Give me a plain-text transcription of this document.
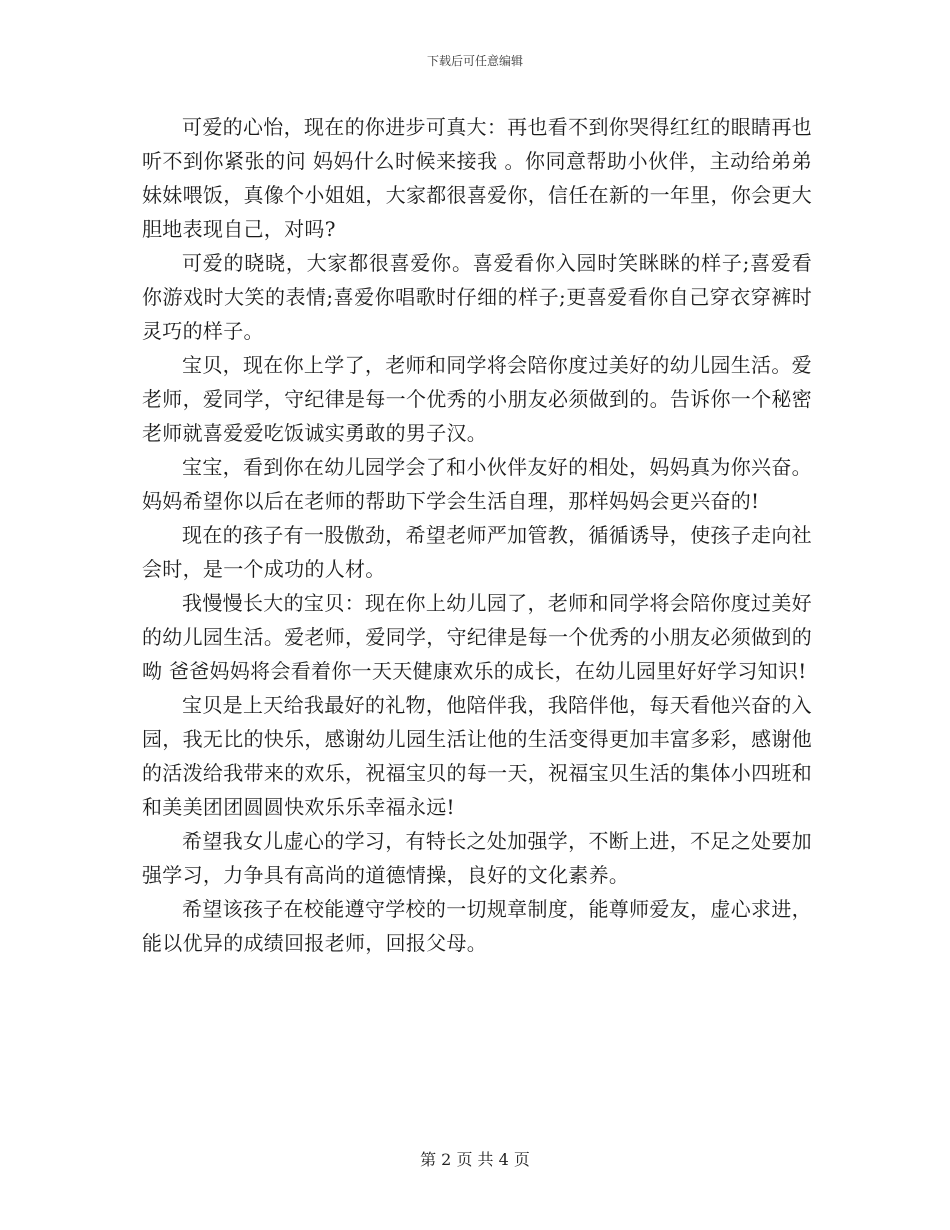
下载后可任意编辑

可爱的心怡，现在的你进步可真大：再也看不到你哭得红红的眼睛再也听不到你紧张的问 妈妈什么时候来接我 。你同意帮助小伙伴，主动给弟弟妹妹喂饭，真像个小姐姐，大家都很喜爱你，信任在新的一年里，你会更大胆地表现自己，对吗?

可爱的晓晓，大家都很喜爱你。喜爱看你入园时笑眯眯的样子;喜爱看你游戏时大笑的表情;喜爱你唱歌时仔细的样子;更喜爱看你自己穿衣穿裤时灵巧的样子。

宝贝，现在你上学了，老师和同学将会陪你度过美好的幼儿园生活。爱老师，爱同学，守纪律是每一个优秀的小朋友必须做到的。告诉你一个秘密老师就喜爱爱吃饭诚实勇敢的男子汉。

宝宝，看到你在幼儿园学会了和小伙伴友好的相处，妈妈真为你兴奋。妈妈希望你以后在老师的帮助下学会生活自理，那样妈妈会更兴奋的!

现在的孩子有一股傲劲，希望老师严加管教，循循诱导，使孩子走向社会时，是一个成功的人材。

我慢慢长大的宝贝：现在你上幼儿园了，老师和同学将会陪你度过美好的幼儿园生活。爱老师，爱同学，守纪律是每一个优秀的小朋友必须做到的呦 爸爸妈妈将会看着你一天天健康欢乐的成长，在幼儿园里好好学习知识!

宝贝是上天给我最好的礼物，他陪伴我，我陪伴他，每天看他兴奋的入园，我无比的快乐，感谢幼儿园生活让他的生活变得更加丰富多彩，感谢他的活泼给我带来的欢乐，祝福宝贝的每一天，祝福宝贝生活的集体小四班和和美美团团圆圆快欢乐乐幸福永远!

希望我女儿虚心的学习，有特长之处加强学，不断上进，不足之处要加强学习，力争具有高尚的道德情操，良好的文化素养。

希望该孩子在校能遵守学校的一切规章制度，能尊师爱友，虚心求进，能以优异的成绩回报老师，回报父母。

第 2 页 共 4 页
